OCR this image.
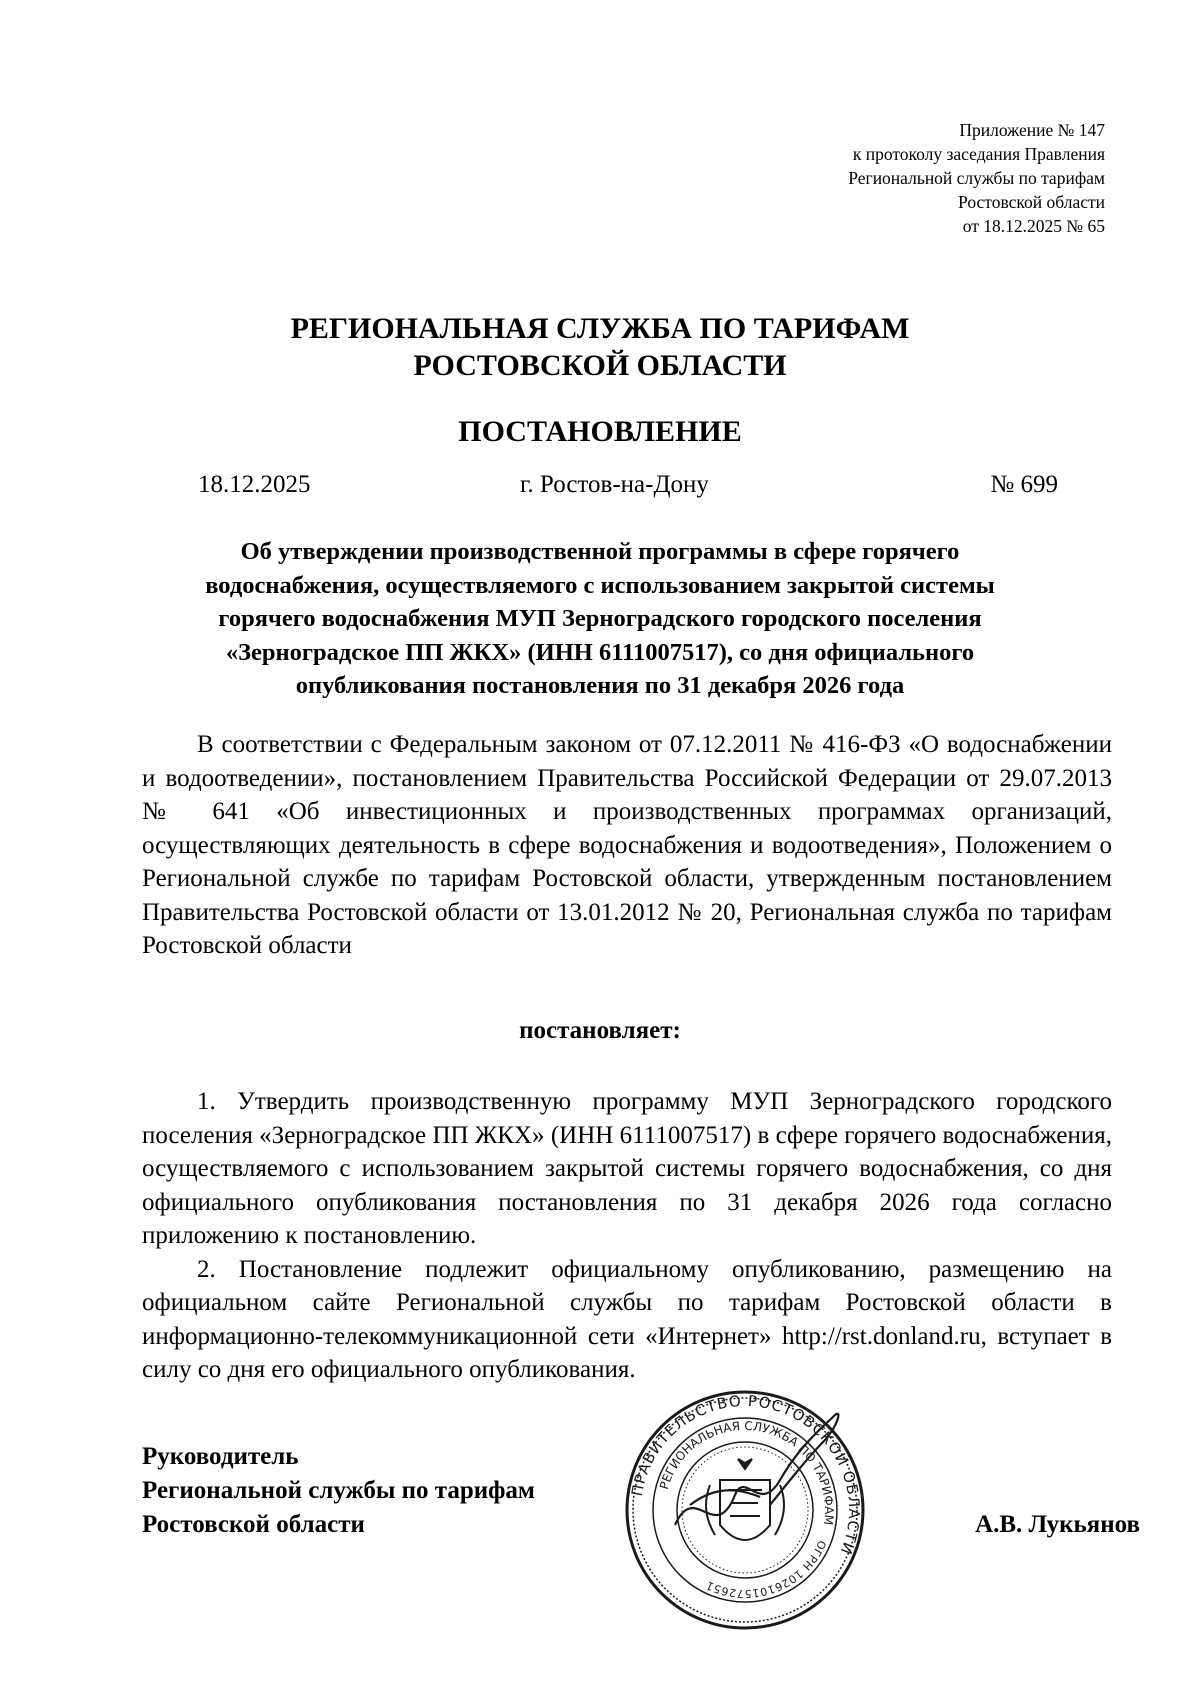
Приложение № 147
к протоколу заседания Правления
Региональной службы по тарифам
Ростовской области
от 18.12.2025 № 65
РЕГИОНАЛЬНАЯ СЛУЖБА ПО ТАРИФАМ
РОСТОВСКОЙ ОБЛАСТИ
ПОСТАНОВЛЕНИЕ
18.12.2025	г. Ростов-на-Дону	№ 699
Об утверждении производственной программы в сфере горячего
водоснабжения, осуществляемого с использованием закрытой системы
горячего водоснабжения МУП Зерноградского городского поселения
«Зерноградское ПП ЖКХ» (ИНН 6111007517), со дня официального
опубликования постановления по 31 декабря 2026 года

В соответствии с Федеральным законом от 07.12.2011 № 416-ФЗ «О водоснабжении и водоотведении», постановлением Правительства Российской Федерации от 29.07.2013 № 641 «Об инвестиционных и производственных программах организаций, осуществляющих деятельность в сфере водоснабжения и водоотведения», Положением о Региональной службе по тарифам Ростовской области, утвержденным постановлением Правительства Ростовской области от 13.01.2012 № 20, Региональная служба по тарифам Ростовской области

постановляет:

1. Утвердить производственную программу МУП Зерноградского городского поселения «Зерноградское ПП ЖКХ» (ИНН 6111007517) в сфере горячего водоснабжения, осуществляемого с использованием закрытой системы горячего водоснабжения, со дня официального опубликования постановления по 31 декабря 2026 года согласно приложению к постановлению.

2. Постановление подлежит официальному опубликованию, размещению на официальном сайте Региональной службы по тарифам Ростовской области в информационно-телекоммуникационной сети «Интернет» http://rst.donland.ru, вступает в силу со дня его официального опубликования.

Руководитель
Региональной службы по тарифам
Ростовской области
ПРАВИТЕЛЬСТВО РОСТОВСКОЙ ОБЛАСТИ
РЕГИОНАЛЬНАЯ СЛУЖБА ПО ТАРИФАМ
ОГРН 1026101572651
А.В. Лукьянов
